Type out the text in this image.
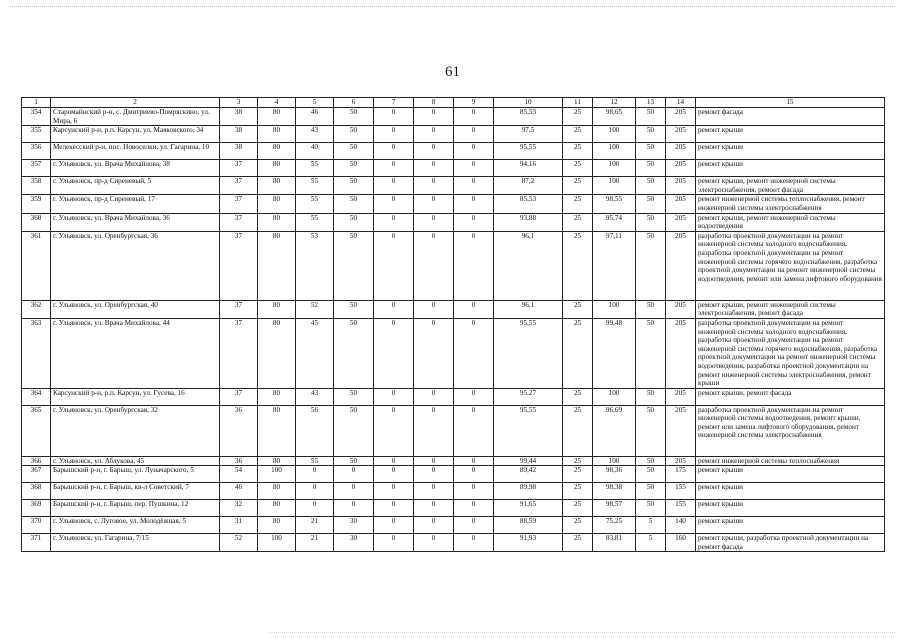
61
1	2	3	4	5	6	7	8	9	10	11	12	13	14	15
354	Старомайнский р-н, с. Дмитриево-Помряскино, ул. Мира, 6	38	80	46	50	0	0	0	85,53	25	98,65	50	205	ремонт фасада
355	Карсунский р-н, р.п. Карсун, ул. Маяковского, 34	38	80	43	50	0	0	0	97,5	25	100	50	205	ремонт крыши
356	Мелекесский р-н, пос. Новоселки, ул. Гагарина, 10	38	80	40	50	0	0	0	95,55	25	100	50	205	ремонт крыши
357	г. Ульяновск, ул. Врача Михайлова, 38	37	80	55	50	0	0	0	94,16	25	100	50	205	ремонт крыши
358	г. Ульяновск, пр-д Сиреневый, 5	37	80	55	50	0	0	0	87,2	25	100	50	205	ремонт крыши, ремонт инженерной системы электроснабжения, ремонт фасада
359	г. Ульяновск, пр-д Сиреневый, 17	37	80	55	50	0	0	0	85,53	25	98,55	50	205	ремонт инженерной системы теплоснабжения, ремонт инженерной системы электроснабжения
360	г. Ульяновск, ул. Врача Михайлова, 36	37	80	55	50	0	0	0	93,88	25	95,74	50	205	ремонт крыши, ремонт инженерной системы водоотведения
361	г. Ульяновск, ул. Оренбургская, 36	37	80	53	50	0	0	0	96,1	25	97,11	50	205	разработка проектной документации на ремонт инженерной системы холодного водоснабжения, разработка проектной документации на ремонт инженерной системы горячего водоснабжения, разработка проектной документации на ремонт инженерной системы водоотведения, ремонт или замена лифтового оборудования
362	г. Ульяновск, ул. Оренбургская, 40	37	80	52	50	0	0	0	96,1	25	100	50	205	ремонт крыши, ремонт инженерной системы электроснабжения, ремонт фасада
363	г. Ульяновск, ул. Врача Михайлова, 44	37	80	45	50	0	0	0	95,55	25	99,48	50	205	разработка проектной документации на ремонт инженерной системы холодного водоснабжения, разработка проектной документации на ремонт инженерной системы горячего водоснабжения, разработка проектной документации на ремонт инженерной системы водоотведения, разработка проектной документации на ремонт инженерной системы электроснабжения, ремонт крыши
364	Карсунский р-н, р.п. Карсун, ул. Гусева, 16	37	80	43	50	0	0	0	95,27	25	100	50	205	ремонт крыши, ремонт фасада
365	г. Ульяновск, ул. Оренбургская, 32	36	80	56	50	0	0	0	95,55	25	96,69	50	205	разработка проектной документации на ремонт инженерной системы водоотведения, ремонт крыши, ремонт или замена лифтового оборудования, ремонт инженерной системы электроснабжения
366	г. Ульяновск, ул. Аблукова, 45	36	80	55	50	0	0	0	99,44	25	100	50	205	ремонт инженерной системы теплоснабжения
367	Барышский р-н, г. Барыш, ул. Луначарского, 5	54	100	0	0	0	0	0	89,42	25	98,36	50	175	ремонт крыши
368	Барышский р-н, г. Барыш, кв-л Советский, 7	46	80	0	0	0	0	0	89,98	25	98,38	50	155	ремонт крыши
369	Барышский р-н, г. Барыш, пер. Пушкина, 12	32	80	0	0	0	0	0	91,65	25	98,57	50	155	ремонт крыши
370	г. Ульяновск, с. Луговое, ул. Молодёжная, 5	31	80	21	30	0	0	0	88,59	25	75,25	5	140	ремонт крыши
371	г. Ульяновск, ул. Гагарина, 7/15	52	100	21	30	0	0	0	91,93	25	83,81	5	160	ремонт крыши, разработка проектной документации на ремонт фасада
